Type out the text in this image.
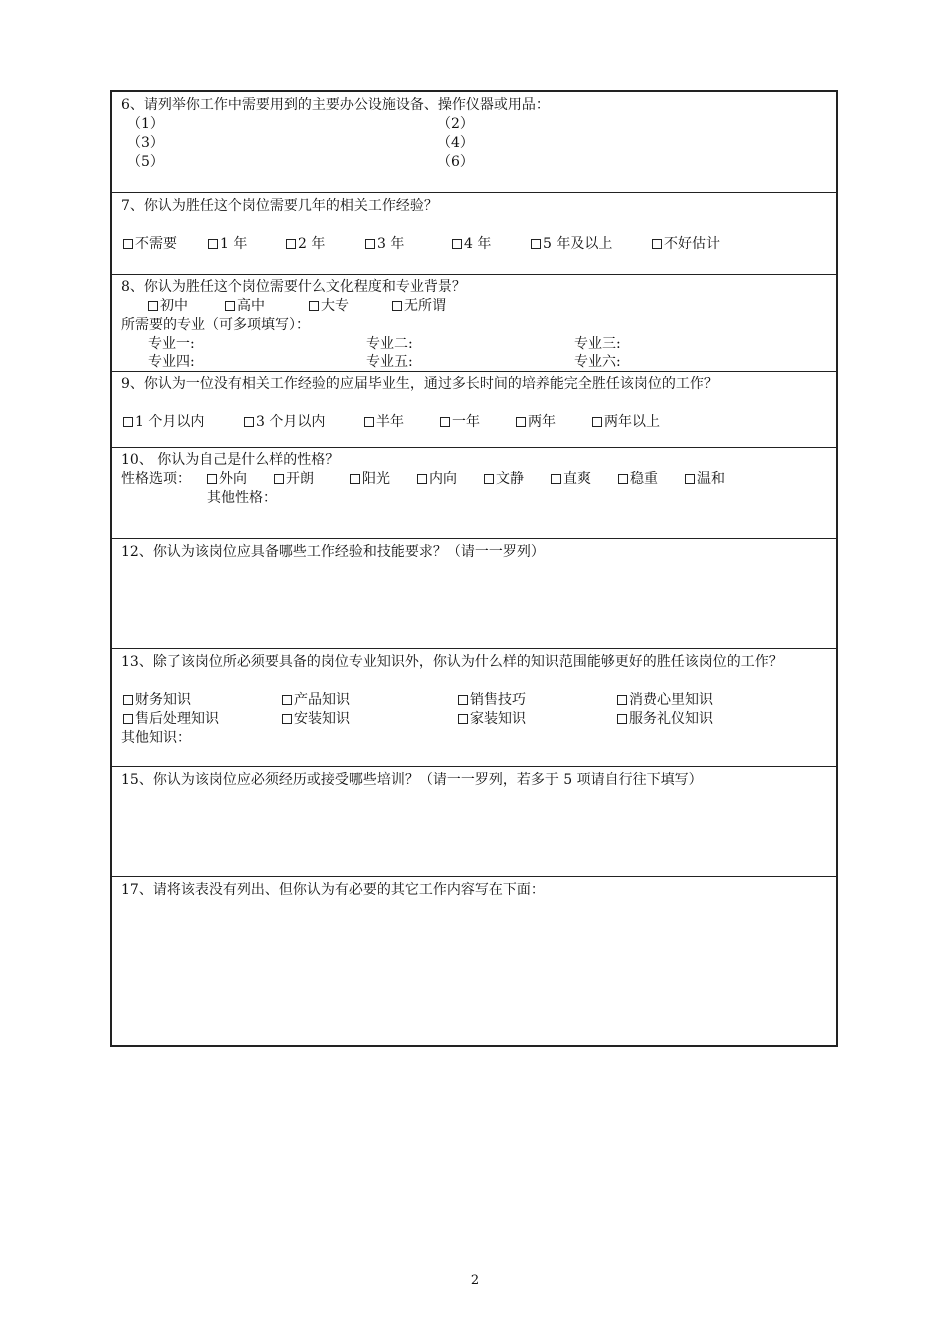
6、请列举你工作中需要用到的主要办公设施设备、操作仪器或用品：
（1）	（2）
（3）	（4）
（5）	（6）
7、你认为胜任这个岗位需要几年的相关工作经验？
不需要	1 年	2 年	3 年	4 年	5 年及以上	不好估计
8、你认为胜任这个岗位需要什么文化程度和专业背景？
初中	高中	大专	无所谓
所需要的专业（可多项填写）：
专业一:	专业二:	专业三:
专业四:	专业五:	专业六:
9、你认为一位没有相关工作经验的应届毕业生，通过多长时间的培养能完全胜任该岗位的工作？
1 个月以内	3 个月以内	半年	一年	两年	两年以上
10、 你认为自己是什么样的性格？
性格选项：	外向	开朗	阳光	内向	文静	直爽	稳重	温和
其他性格：
12、你认为该岗位应具备哪些工作经验和技能要求？（请一一罗列）
13、除了该岗位所必须要具备的岗位专业知识外，你认为什么样的知识范围能够更好的胜任该岗位的工作？
财务知识	产品知识	销售技巧	消费心里知识
售后处理知识	安装知识	家装知识	服务礼仪知识
其他知识：
15、你认为该岗位应必须经历或接受哪些培训？（请一一罗列，若多于 5 项请自行往下填写）
17、请将该表没有列出、但你认为有必要的其它工作内容写在下面：
2
